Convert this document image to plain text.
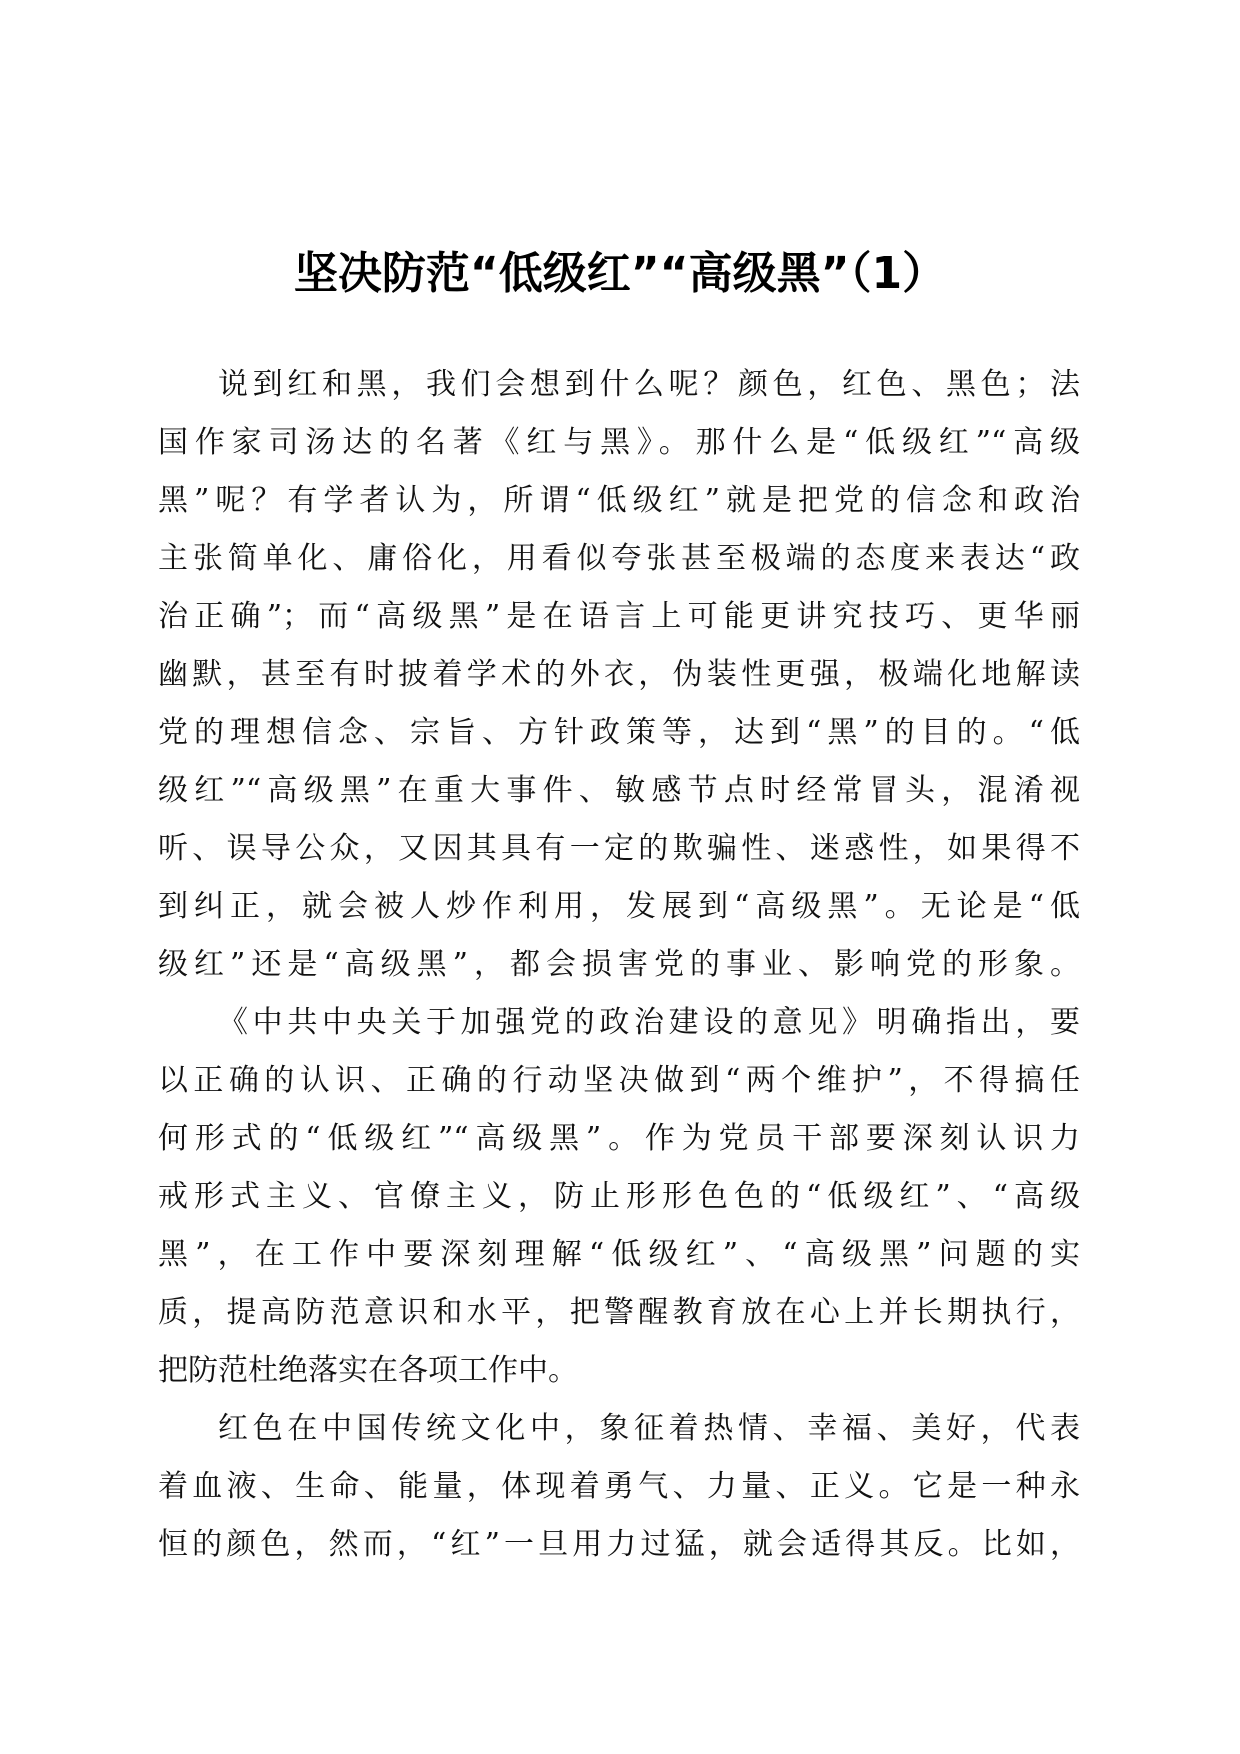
坚决防范“低级红”“高级黑”（1）
说到红和黑，我们会想到什么呢？颜色，红色、黑色；法
国作家司汤达的名著《红与黑》。那什么是“低级红”“高级
黑”呢？有学者认为，所谓“低级红”就是把党的信念和政治
主张简单化、庸俗化，用看似夸张甚至极端的态度来表达“政
治正确”；而“高级黑”是在语言上可能更讲究技巧、更华丽
幽默，甚至有时披着学术的外衣，伪装性更强，极端化地解读
党的理想信念、宗旨、方针政策等，达到“黑”的目的。“低
级红”“高级黑”在重大事件、敏感节点时经常冒头，混淆视
听、误导公众，又因其具有一定的欺骗性、迷惑性，如果得不
到纠正，就会被人炒作利用，发展到“高级黑”。无论是“低
级红”还是“高级黑”，都会损害党的事业、影响党的形象。
《中共中央关于加强党的政治建设的意见》明确指出，要
以正确的认识、正确的行动坚决做到“两个维护”，不得搞任
何形式的“低级红”“高级黑”。作为党员干部要深刻认识力
戒形式主义、官僚主义，防止形形色色的“低级红”、“高级
黑”，在工作中要深刻理解“低级红”、“高级黑”问题的实
质，提高防范意识和水平，把警醒教育放在心上并长期执行，
把防范杜绝落实在各项工作中。
红色在中国传统文化中，象征着热情、幸福、美好，代表
着血液、生命、能量，体现着勇气、力量、正义。它是一种永
恒的颜色，然而，“红”一旦用力过猛，就会适得其反。比如，
